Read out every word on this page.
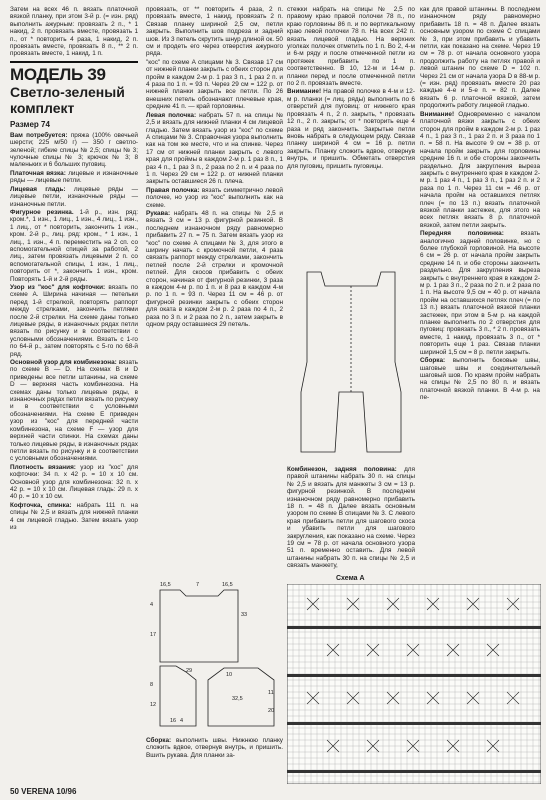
Затем на всех 46 п. вязать платочной вязкой планку, при этом 3-й р. (= изн. ряд) выполнить ажурным: провязать 2 п., * 1 накид, 2 п. провязать вместе, провязать 1 п., от * повторить 4 раза, 1 накид, 2 п. провязать вместе, провязать 8 п., ** 2 п. провязать вместе, 1 накид, 1 п.

МОДЕЛЬ 39
Светло-зеленый комплект
Размер 74

Вам потребуется: пряжа (100% овечьей шерсти; 225 м/50 г) — 350 г светло-зеленой; гибкие спицы № 2,5; спицы № 3; чулочные спицы № 3; крючок № 3; 8 маленьких и 6 больших пуговиц.

Платочная вязка: лицевые и изнаночные ряды — лицевые петли.

Лицевая гладь: лицевые ряды — лицевые петли, изнаночные ряды — изнаночные петли.

Фигурное резинка. 1-й р., изн. ряд: кром.*, 1 изн., 1 лиц., 1 изн., 4 лиц., 1 изн., 1 лиц., от * повторить, закончить 1 изн., кром. 2-й р., лиц. ряд: кром., * 1 изн., 1 лиц., 1 изн., 4 п. переместить на 2 сп. со вспомогательной спицей за работой, 2 лиц., затем провязать лицевыми 2 п. со вспомогательной спицы, 1 изн., 1 лиц., повторить от *, закончить 1 изн., кром. Повторять 1-й и 2-й ряды.

Узор из "кос" для кофточки: вязать по схеме А. Ширина начиная — петельки перед 1-й стрелкой, повторять раппорт между стрелками, закончить петлями после 2-й стрелки. На схеме даны только лицевые ряды, в изнаночных рядах петли вязать по рисунку и в соответствии с условными обозначениями. Вязать с 1-го по 64-й р., затем повторять с 5-го по 68-й ряд.

Основной узор для комбинезона: вязать по схеме В — D. На схемах В и D приведены все петли штанины, на схеме D — верхняя часть комбинезона. На схемах даны только лицевые ряды, в изнаночных рядах петли вязать по рисунку и в соответствии с условными обозначениями. На схеме Е приведен узор из "кос" для передней части комбинезона, на схеме F — узор для верхней части спинки. На схемах даны только лицевые ряды, в изнаночных рядах петли вязать по рисунку и в соответствии с условными обозначениями.

Плотность вязания: узор из "кос" для кофточки: 34 п. x 42 р. = 10 x 10 см. Основной узор для комбинезона: 32 п. x 42 р. = 10 x 10 см. Лицевая гладь: 29 п. x 40 р. = 10 x 10 см.

Кофточка, спинка: набрать 111 п. на спицы № 2,5 и вязать для нижней планки 4 см лицевой гладью. Затем вязать узор из

провязать, от ** повторить 4 раза, 2 п. провязать вместе, 1 накид, провязать 2 п. Связав планку шириной 2,5 см, петли закрыть. Выполнить шов подреза и задний шов. Из 3 петель скрутить шнур длиной ок. 50 см и продеть его через отверстия ажурного ряда.

"кос" по схеме А спицами № 3. Связав 17 см от нижней планки закрыть с обеих сторон для пройм в каждом 2-м р. 1 раз 3 п., 1 раз 2 п. и 4 раза по 1 п. = 93 п. Через 29 см = 122 р. от нижней планки закрыть все петли. По 26 внешних петель обозначают плечевые края, средние 41 п. — край горловины.

Левая полочка: набрать 57 п. на спицы № 2,5 и вязать для нижней планки 4 см лицевой гладью. Затем вязать узор из "кос" по схеме А спицами № 3. Справочная узора выполнить как на том же месте, что и на спинке. Через 17 см от нижней планки закрыть с левого края для проймы в каждом 2-м р. 1 раз 8 п., 1 раз 4 п., 1 раз 3 п., 2 раза по 2 п. и 4 раза по 1 п. Через 29 см = 122 р. от нижней планки закрыть оставшиеся 26 п. плеча.

Правая полочка: вязать симметрично левой полочке, но узор из "кос" выполнить как на схеме.

Рукава: набрать 48 п. на спицы № 2,5 и вязать 3 см = 13 р. фигурной резинкой. В последнем изнаночном ряду равномерно прибавить 27 п. = 75 п. Затем вязать узор из "кос" по схеме А спицами № 3, для этого в ширину начать с кромочной петли, 4 раза связать раппорт между стрелками, закончить петлей после 2-й стрелки и кромочной петлей. Для скосов прибавить с обеих сторон, начиная от фигурной резинки, 3 раза в каждом 4-м р. по 1 п. и 8 раз в каждом 4-м р. по 1 п. = 93 п. Через 11 см = 46 р. от фигурной резинки закрыть с обеих сторон для оката в каждом 2-м р. 2 раза по 4 п., 2 раза по 3 п. и 2 раза по 2 п., затем закрыть в одном ряду оставшиеся 29 петель.

16,5	7	16,5
33
4
17
29
8
12
16
10
32,5
11
20
4

Сборка: выполнить швы. Нижнюю планку сложить вдвое, отвернув внутрь, и пришить. Вшить рукава. Для планки за-

стежки набрать на спицы № 2,5 по правому краю правой полочки 78 п., по краю горловины 86 п. и по вертикальному краю левой полочки 78 п. На всех 242 п. вязать лицевой гладью. На верхних уголках полочек отметить по 1 п. Во 2, 4-м и 6-м ряду и после отмеченной петли из протяжек прибавить по 1 п. соответственно. В 10, 12-м и 14-м р. планки перед и после отмеченной петли по 2 п. провязать вместе.

Внимание! На правой полочке в 4-м и 12-м р. планки (= лиц. ряды) выполнить по 6 отверстий для пуговиц: от нижнего края провязать 4 п., 2 п. закрыть, * провязать 12 п., 2 п. закрыть; от * повторить еще 4 раза и ряд закончить. Закрытые петли вновь набрать в следующем ряду. Связав планку шириной 4 см = 16 р. петли закрыть. Планку сложить вдвое, отвернув внутрь, и пришить. Обметать отверстия для пуговиц, пришить пуговицы.

Комбинезон, задняя половина: для правой штанины набрать 30 п. на спицы № 2,5 и вязать для манжеты 3 см = 13 р. фигурной резинкой. В последнем изнаночном ряду равномерно прибавить 18 п. = 48 п. Далее вязать основным узором по схеме В спицами № 3. С левого края прибавить петли для шагового скоса и убавить петли для шагового закругления, как показано на схеме. Через 19 см = 78 р. от начала основного узора 51 п. временно оставить. Для левой штанины набрать 30 п. на спицы № 2,5 и связать манжету,

как для правой штанины. В последнем изнаночном ряду равномерно прибавить 18 п. = 48 п. Далее вязать основным узором по схеме С спицами № 3, при этом прибавить и убавить петли, как показано на схеме. Через 19 см = 78 р. от начала основного узора продолжить работу на петлях правой и левой штанин по схеме D = 102 п. Через 21 см от начала узора D в 88-м р. (= изн. ряд) провязать вместе 20 раз каждые 4-е и 5-е п. = 82 п. Далее вязать 6 р. платочной вязкой, затем продолжить работу лицевой гладью.

Внимание! Одновременно с началом платочной вязки закрыть с обеих сторон для пройм в каждом 2-м р. 1 раз 4 п., 1 раз 3 п., 1 раз 2 п. и 3 раза по 1 п. = 58 п. На высоте 9 см = 38 р. от начала пройм закрыть для горловины средние 16 п. и обе стороны закончить раздельно. Для закругления выреза закрыть с внутреннего края в каждом 2-м р. 1 раз 4 п., 1 раз 3 п., 1 раз 2 п. и 2 раза по 1 п. Через 11 см = 46 р. от начала пройм на оставшихся петлях плеч (= по 13 п.) вязать платочной вязкой планки застежек, для этого на всех петлях вязать 8 р. платочной вязкой, затем петли закрыть.

Передняя половинка:	вязать аналогично задней половинке, но с более глубокой горловиной. На высоте 6 см = 26 р. от начала пройм закрыть средние 14 п. и обе стороны закончить раздельно. Для закругления выреза закрыть с внутреннего края в каждом 2-м р. 1 раз 3 п., 2 раза по 2 п. и 2 раза по 1 п. На высоте 9,5 см = 40 р. от начала пройм на оставшихся петлях плеч (= по 13 п.) вязать платочной вязкой планки застежек, при этом в 5-м р. на каждой планке выполнить по 2 отверстия для пуговиц: провязать 3 п., * 2 п. провязать вместе, 1 накид, провязать 3 п., от * повторить еще 1 раз. Связав планки шириной 1,5 см = 8 р. петли закрыть.

Сборка: выполнить боковые швы, шаговые швы и соединительный шаговый шов. По краям пройм набрать на спицы № 2,5 по 80 п. и вязать платочной вязкой планки. В 4-м р. на пе-

Схема А
50 VERENA 10/96
